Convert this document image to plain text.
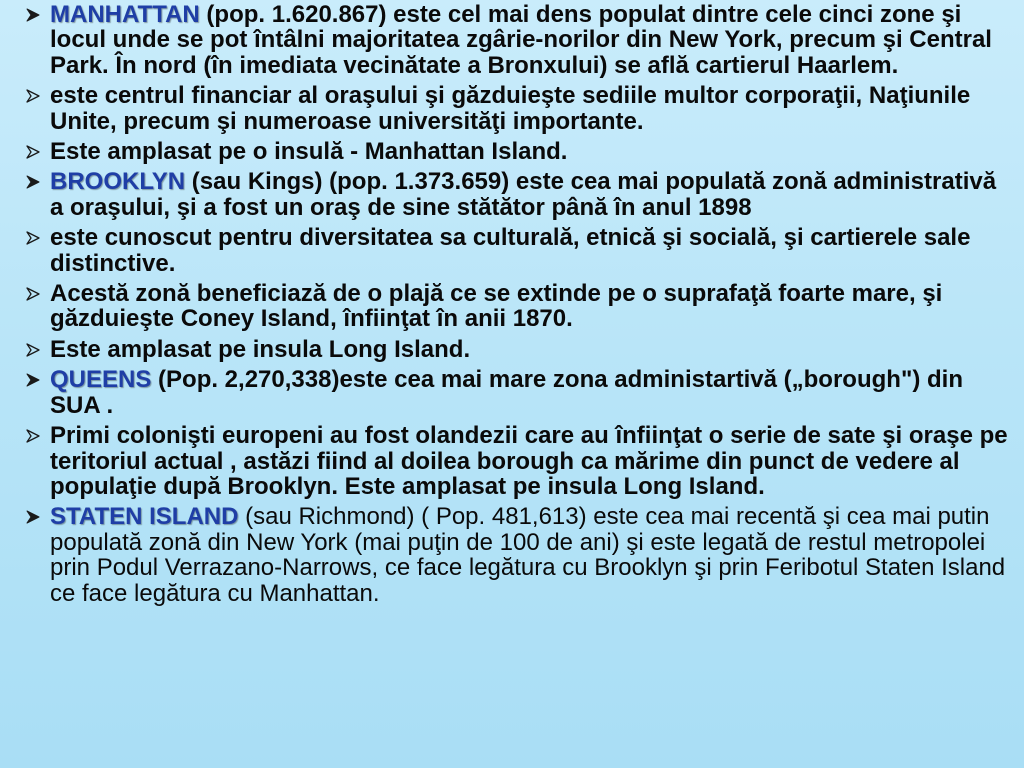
MANHATTAN (pop. 1.620.867) este cel mai dens populat dintre cele cinci zone şi locul unde se pot întâlni majoritatea zgârie-norilor din New York, precum şi Central Park. În nord (în imediata vecinătate a Bronxului) se află cartierul Haarlem.
este centrul financiar al oraşului şi găzduieşte sediile multor corporaţii, Naţiunile Unite, precum şi numeroase universităţi importante.
Este amplasat pe o insulă - Manhattan Island.
BROOKLYN (sau Kings) (pop. 1.373.659) este cea mai populată zonă administrativă a oraşului, şi a fost un oraş de sine stătător până în anul 1898
este cunoscut pentru diversitatea sa culturală, etnică şi socială, şi cartierele sale distinctive.
Acestă zonă beneficiază de o plajă ce se extinde pe o suprafaţă foarte mare, şi găzduieşte Coney Island, înfiinţat în anii 1870.
Este amplasat pe insula Long Island.
QUEENS (Pop. 2,270,338)este cea mai mare zona administartivă („borough") din SUA .
Primi colonişti europeni au fost olandezii care au înfiinţat o serie de sate şi oraşe pe teritoriul actual , astăzi fiind al doilea borough ca mărime din punct de vedere al populaţie după Brooklyn. Este amplasat pe insula Long Island.
STATEN ISLAND (sau Richmond) ( Pop. 481,613) este cea mai recentă şi cea mai putin populată zonă din New York (mai puţin de 100 de ani) şi este legată de restul metropolei prin Podul Verrazano-Narrows, ce face legătura cu Brooklyn şi prin Feribotul Staten Island ce face legătura cu Manhattan.
